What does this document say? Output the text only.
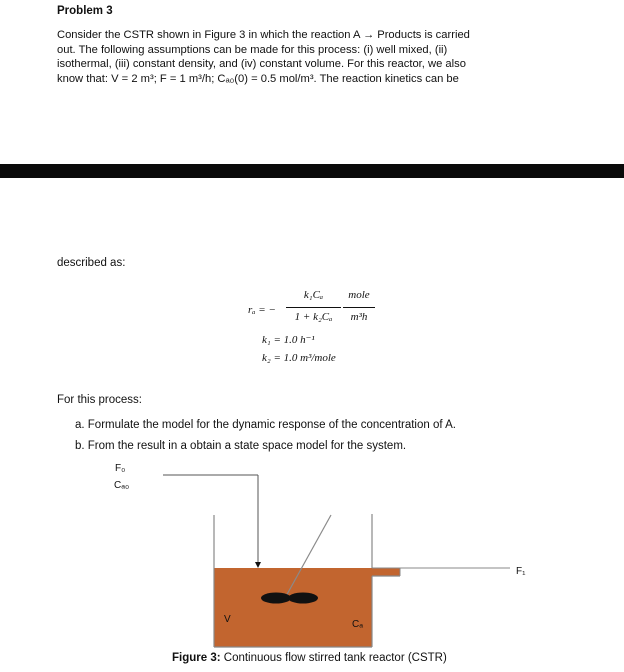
Problem 3
Consider the CSTR shown in Figure 3 in which the reaction A → Products is carried
out. The following assumptions can be made for this process: (i) well mixed, (ii)
isothermal, (iii) constant density, and (iv) constant volume. For this reactor, we also
know that: V = 2 m³; F = 1 m³/h; Cₐ₀(0) = 0.5 mol/m³. The reaction kinetics can be
described as:
rₐ = −
k₁Cₐ
1 + k₂Cₐ
mole
m³h
k₁ = 1.0 h⁻¹
k₂ = 1.0 m³/mole
For this process:
a. Formulate the model for the dynamic response of the concentration of A.
b. From the result in a obtain a state space model for the system.
F₀
Cₐ₀
F₁
V	Cₐ
Figure 3: Continuous flow stirred tank reactor (CSTR)
